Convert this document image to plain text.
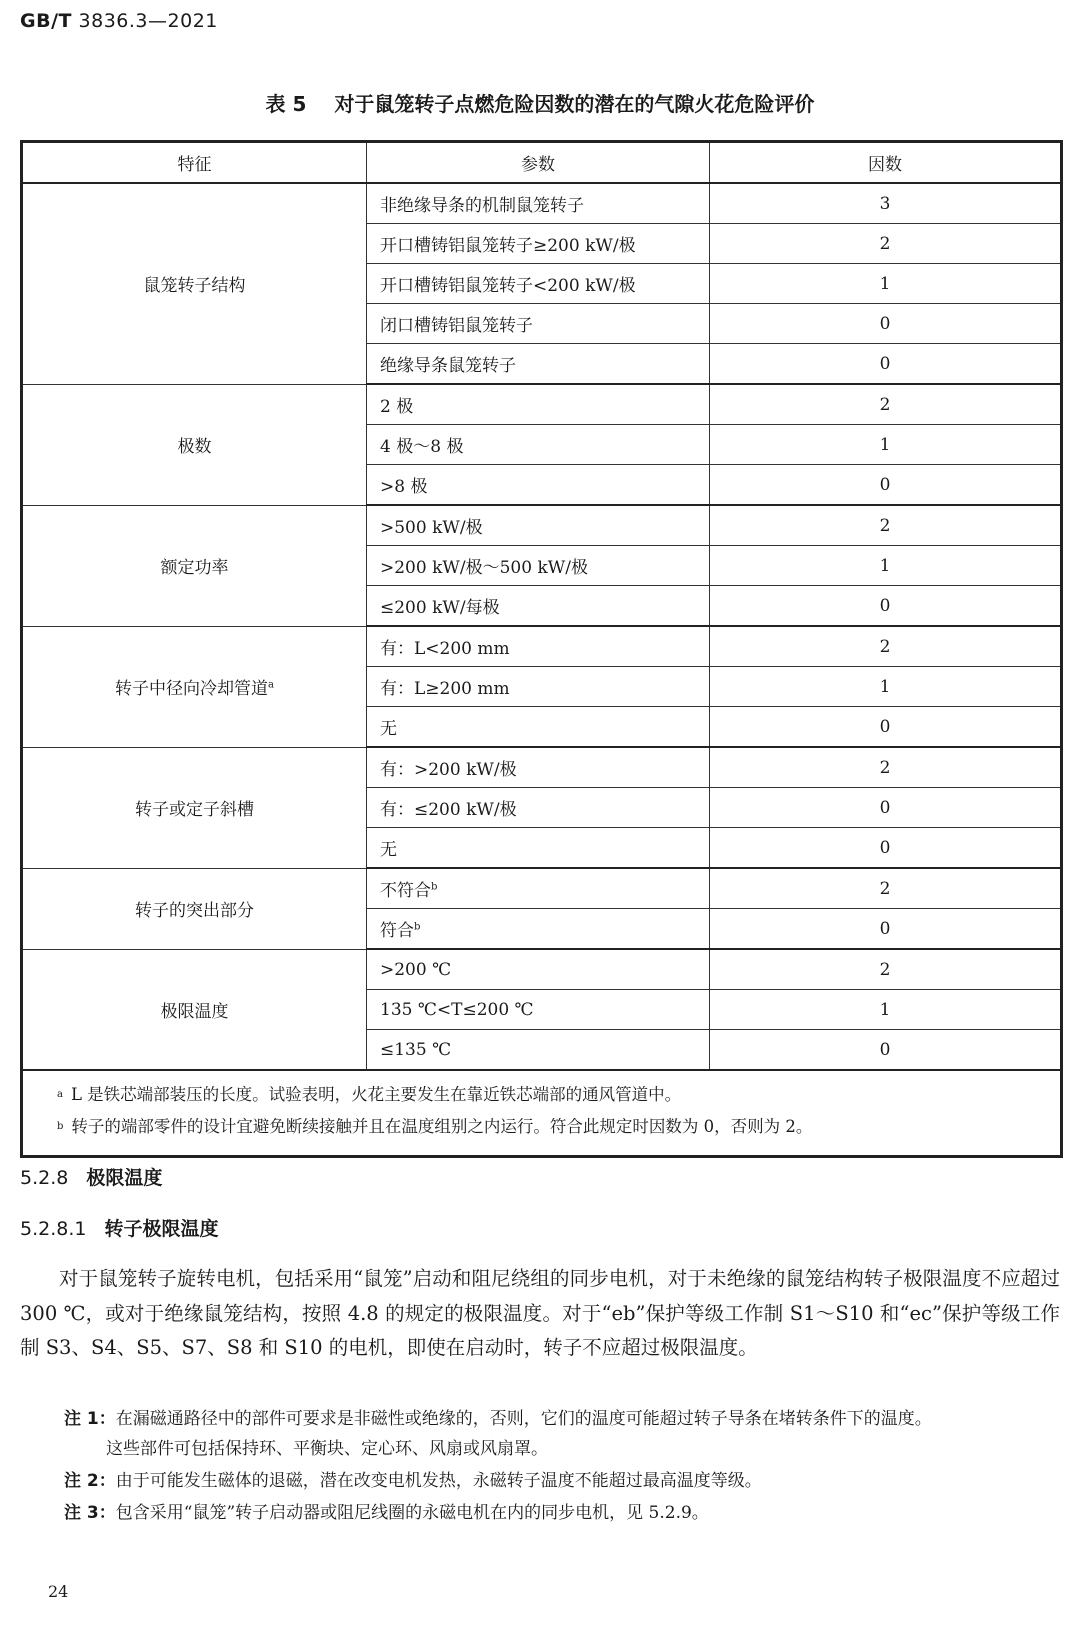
GB/T 3836.3—2021
表 5 对于鼠笼转子点燃危险因数的潜在的气隙火花危险评价
特征	参数	因数
鼠笼转子结构	非绝缘导条的机制鼠笼转子	3
	开口槽铸铝鼠笼转子≥200 kW/极	2
	开口槽铸铝鼠笼转子<200 kW/极	1
	闭口槽铸铝鼠笼转子	0
	绝缘导条鼠笼转子	0
极数	2 极	2
	4 极～8 极	1
	>8 极	0
额定功率	>500 kW/极	2
	>200 kW/极～500 kW/极	1
	≤200 kW/每极	0
转子中径向冷却管道$^a$	有：L<200 mm	2
	有：L≥200 mm	1
	无	0
转子或定子斜槽	有：>200 kW/极	2
	有：≤200 kW/极	0
	无	0
转子的突出部分	不符合$^b$	2
	符合$^b$	0
极限温度	>200 ℃	2
	135 ℃<T≤200 ℃	1
	≤135 ℃	0

$^a$ L 是铁芯端部装压的长度。试验表明，火花主要发生在靠近铁芯端部的通风管道中。
$^b$ 转子的端部零件的设计宜避免断续接触并且在温度组别之内运行。符合此规定时因数为 0，否则为 2。		
5.2.8 极限温度
5.2.8.1 转子极限温度
对于鼠笼转子旋转电机，包括采用“鼠笼”启动和阻尼绕组的同步电机，对于未绝缘的鼠笼结构转子极限温度不应超过 300 ℃，或对于绝缘鼠笼结构，按照 4.8 的规定的极限温度。对于“eb”保护等级工作制 S1～S10 和“ec”保护等级工作制 S3、S4、S5、S7、S8 和 S10 的电机，即使在启动时，转子不应超过极限温度。
注 1：在漏磁通路径中的部件可要求是非磁性或绝缘的，否则，它们的温度可能超过转子导条在堵转条件下的温度。
这些部件可包括保持环、平衡块、定心环、风扇或风扇罩。
注 2：由于可能发生磁体的退磁，潜在改变电机发热，永磁转子温度不能超过最高温度等级。
注 3：包含采用“鼠笼”转子启动器或阻尼线圈的永磁电机在内的同步电机，见 5.2.9。
24
